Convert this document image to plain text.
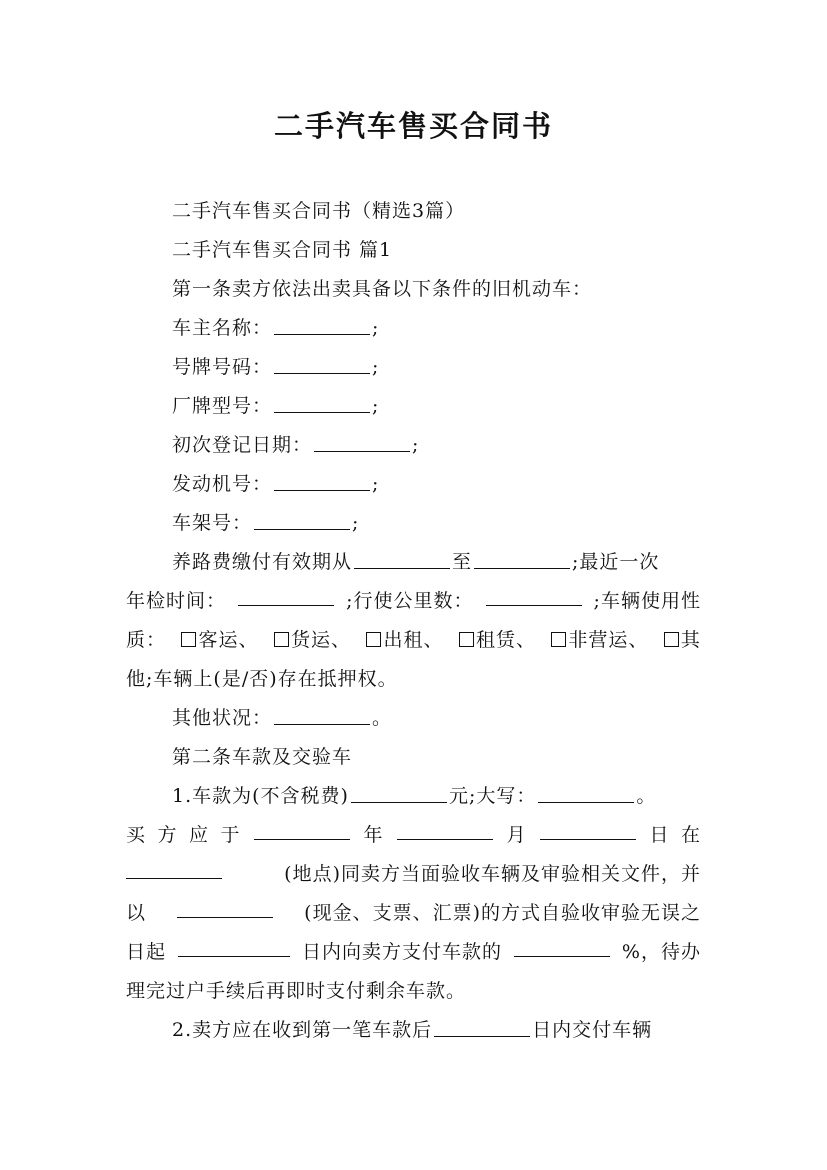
二手汽车售买合同书
二手汽车售买合同书（精选3篇）
二手汽车售买合同书 篇1
第一条卖方依法出卖具备以下条件的旧机动车：
车主名称：	;
号牌号码：	;
厂牌型号：	;
初次登记日期：	;
发动机号：	;
车架号：	;
养路费缴付有效期从	至	;最近一次
年检时间：	;行使公里数：	;车辆使用性
质：	客运、	货运、	出租、	租赁、	非营运、	其
他;车辆上(是/否)存在抵押权。
其他状况：	。
第二条车款及交验车
1.车款为(不含税费)	元;大写：	。
买 方 应 于	年	月	日 在
(地点)同卖方当面验收车辆及审验相关文件，并
以	(现金、支票、汇票)的方式自验收审验无误之
日起	日内向卖方支付车款的	%，待办
理完过户手续后再即时支付剩余车款。
2.卖方应在收到第一笔车款后	日内交付车辆
